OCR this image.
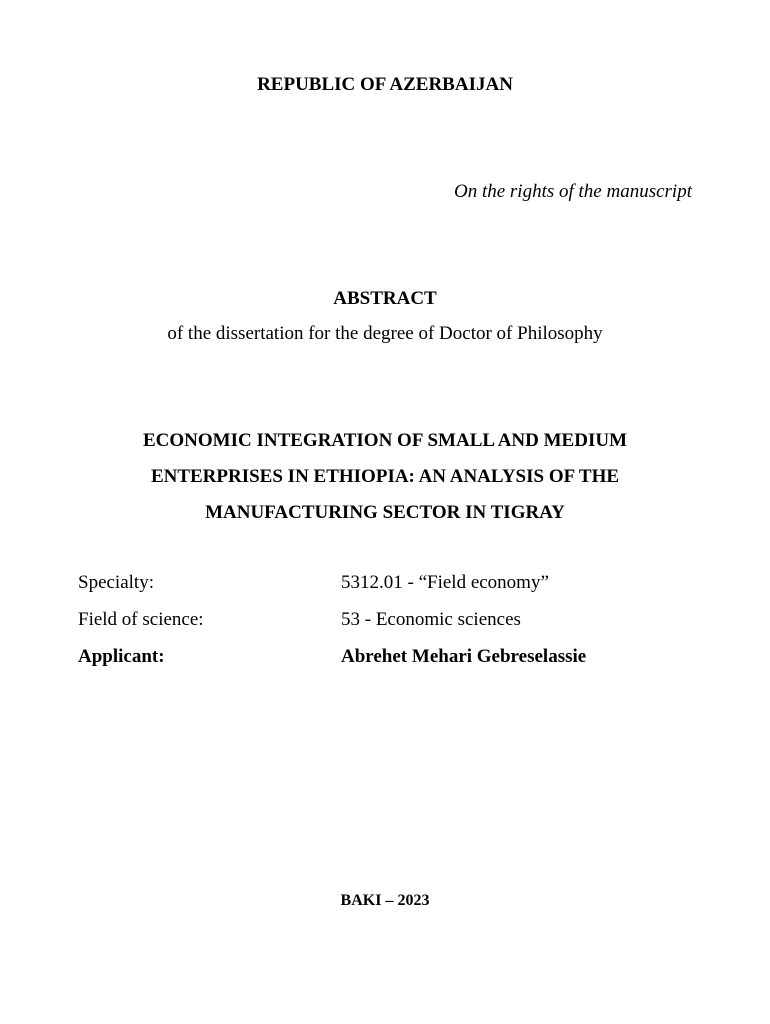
REPUBLIC OF AZERBAIJAN
On the rights of the manuscript
ABSTRACT
of the dissertation for the degree of Doctor of Philosophy
ECONOMIC INTEGRATION OF SMALL AND MEDIUM
ENTERPRISES IN ETHIOPIA: AN ANALYSIS OF THE
MANUFACTURING SECTOR IN TIGRAY
Specialty:	5312.01 - “Field economy”
Field of science:	53 - Economic sciences
Applicant:	Abrehet Mehari Gebreselassie
BAKI – 2023
